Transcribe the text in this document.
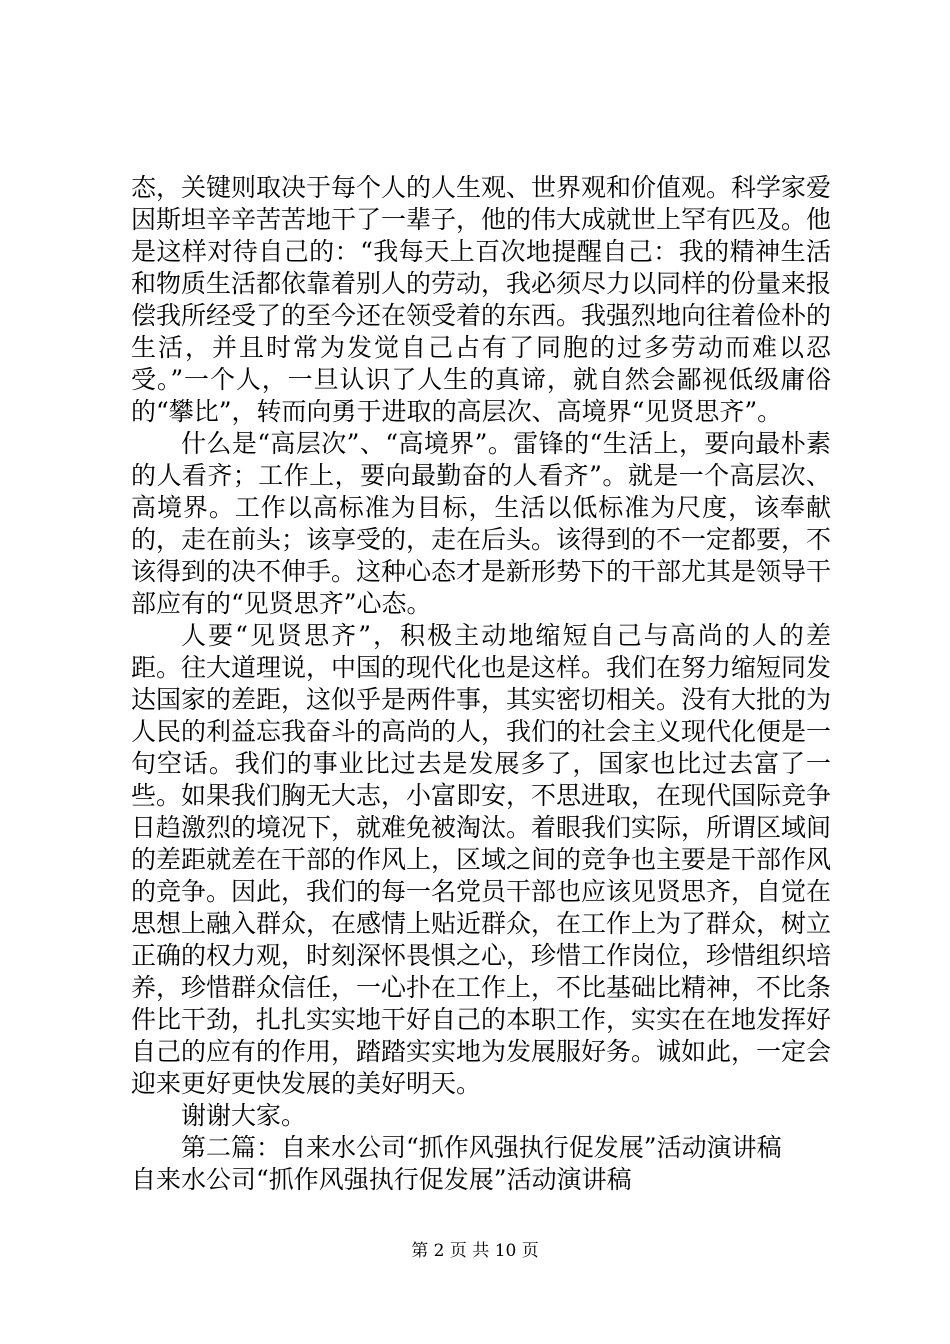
态，关键则取决于每个人的人生观、世界观和价值观。科学家爱因斯坦辛辛苦苦地干了一辈子，他的伟大成就世上罕有匹及。他是这样对待自己的：“我每天上百次地提醒自己：我的精神生活和物质生活都依靠着别人的劳动，我必须尽力以同样的份量来报偿我所经受了的至今还在领受着的东西。我强烈地向往着俭朴的生活，并且时常为发觉自己占有了同胞的过多劳动而难以忍受。”一个人，一旦认识了人生的真谛，就自然会鄙视低级庸俗的“攀比”，转而向勇于进取的高层次、高境界“见贤思齐”。

什么是“高层次”、“高境界”。雷锋的“生活上，要向最朴素的人看齐；工作上，要向最勤奋的人看齐”。就是一个高层次、高境界。工作以高标准为目标，生活以低标准为尺度，该奉献的，走在前头；该享受的，走在后头。该得到的不一定都要，不该得到的决不伸手。这种心态才是新形势下的干部尤其是领导干部应有的“见贤思齐”心态。

人要“见贤思齐”，积极主动地缩短自己与高尚的人的差距。往大道理说，中国的现代化也是这样。我们在努力缩短同发达国家的差距，这似乎是两件事，其实密切相关。没有大批的为人民的利益忘我奋斗的高尚的人，我们的社会主义现代化便是一句空话。我们的事业比过去是发展多了，国家也比过去富了一些。如果我们胸无大志，小富即安，不思进取，在现代国际竞争日趋激烈的境况下，就难免被淘汰。着眼我们实际，所谓区域间的差距就差在干部的作风上，区域之间的竞争也主要是干部作风的竞争。因此，我们的每一名党员干部也应该见贤思齐，自觉在思想上融入群众，在感情上贴近群众，在工作上为了群众，树立正确的权力观，时刻深怀畏惧之心，珍惜工作岗位，珍惜组织培养，珍惜群众信任，一心扑在工作上，不比基础比精神，不比条件比干劲，扎扎实实地干好自己的本职工作，实实在在地发挥好自己的应有的作用，踏踏实实地为发展服好务。诚如此，一定会迎来更好更快发展的美好明天。

谢谢大家。

第二篇：自来水公司“抓作风强执行促发展”活动演讲稿

自来水公司“抓作风强执行促发展”活动演讲稿

第 2 页 共 10 页
